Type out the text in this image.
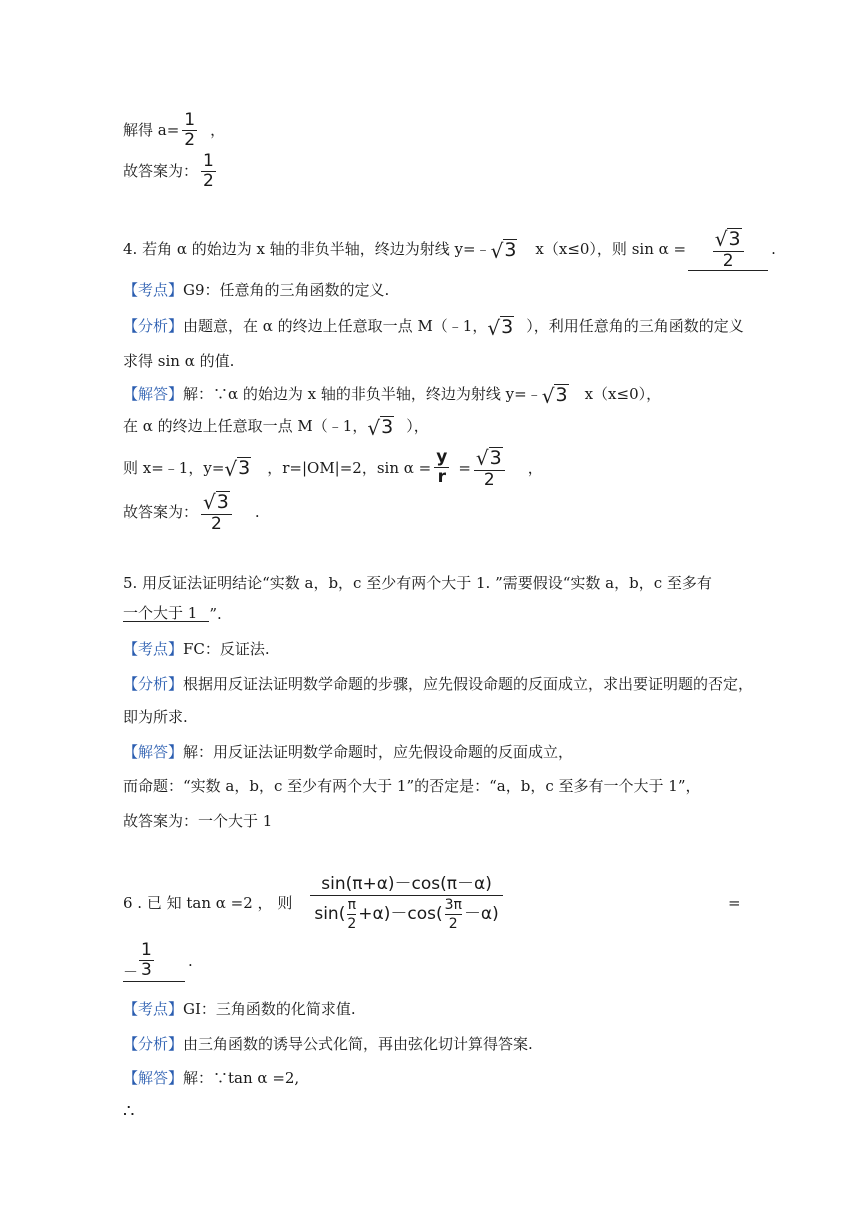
解得 $a= \frac{1}{2}$ ，
故答案为： $\frac{1}{2}$
4. 若角 α 的始边为 x 轴的非负半轴，终边为射线 y=﹣ √ 3 x（x≤0），则 $\sin \alpha = \frac{√ 3}{2}$ .
【考点】 G9：任意角的三角函数的定义.
【分析】 由题意，在 α 的终边上任意取一点 M（﹣1， √ 3 ），利用任意角的三角函数的定义
求得 sin α 的值.
【解答】 解：∵α 的始边为 x 轴的非负半轴，终边为射线 y=﹣ √ 3 x（x≤0），
在 α 的终边上任意取一点 M（﹣1， √ 3 ），
则 x=﹣1，y= √ 3 ，r=|OM|=2，$\sin \alpha = \frac{y}{r} = \frac{√ 3}{2}$ ，
故答案为： $\frac{√ 3}{2}$ .
5. 用反证法证明结论“实数 a，b，c 至少有两个大于 1. ”需要假设“实数 a，b，c 至多有
一个大于 1 ”.
【考点】 FC：反证法.
【分析】 根据用反证法证明数学命题的步骤，应先假设命题的反面成立，求出要证明题的否定，
即为所求.
【解答】 解：用反证法证明数学命题时，应先假设命题的反面成立，
而命题：“实数 a，b，c 至少有两个大于 1”的否定是：“a，b，c 至多有一个大于 1”，
故答案为：一个大于 1
6 . 已 知 tan α =2 ， 则
sin(π+α)－cos(π－α)
sin( π
2 +α)－cos( 3π
2 －α)
=
－ $\frac{1}{3}$ .
【考点】 GI：三角函数的化简求值.
【分析】 由三角函数的诱导公式化简，再由弦化切计算得答案.
【解答】 解：∵tan α =2,
∴
